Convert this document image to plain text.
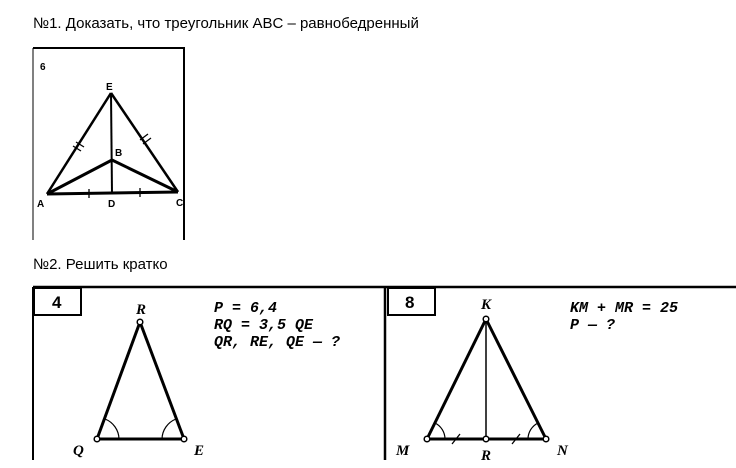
№1. Доказать, что треугольник ABC – равнобедренный
№2. Решить кратко
6
E
B
A	D	C
4	R
Q	E
P = 6,4
RQ = 3,5 QE
QR, RE, QE — ?
8	K
M	R	N
KM + MR = 25
P — ?
